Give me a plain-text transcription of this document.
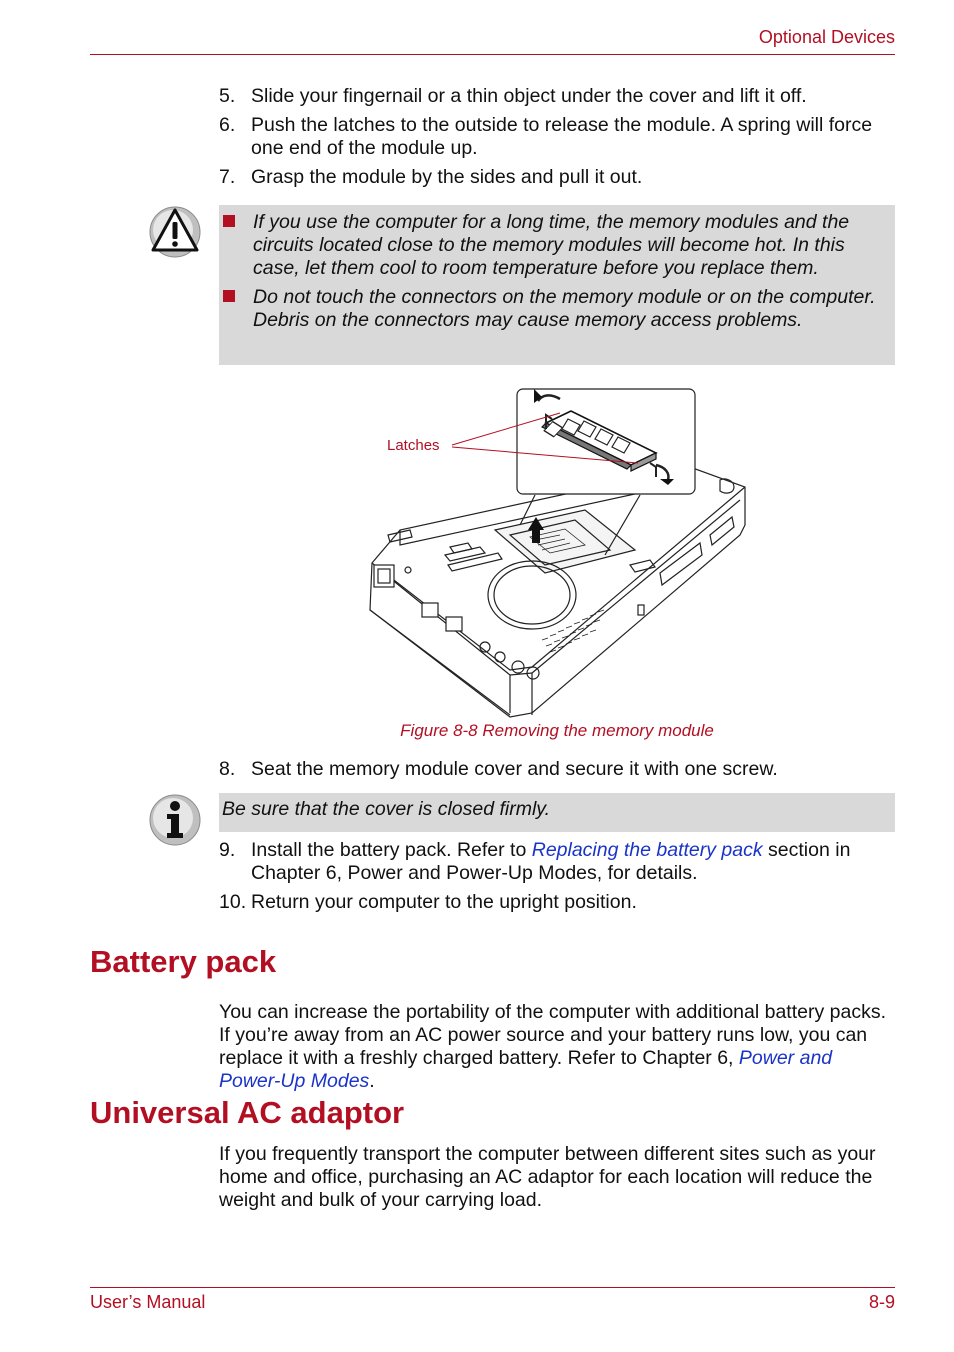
Optional Devices
5. Slide your fingernail or a thin object under the cover and lift it off.
6. Push the latches to the outside to release the module. A spring will force one end of the module up.
7. Grasp the module by the sides and pull it out.
If you use the computer for a long time, the memory modules and the circuits located close to the memory modules will become hot. In this case, let them cool to room temperature before you replace them.
Do not touch the connectors on the memory module or on the computer. Debris on the connectors may cause memory access problems.
Latches
Figure 8-8 Removing the memory module
8. Seat the memory module cover and secure it with one screw.
Be sure that the cover is closed firmly.
9. Install the battery pack. Refer to Replacing the battery pack section in Chapter 6, Power and Power-Up Modes, for details.
10. Return your computer to the upright position.
Battery pack
You can increase the portability of the computer with additional battery packs. If you’re away from an AC power source and your battery runs low, you can replace it with a freshly charged battery. Refer to Chapter 6, Power and Power-Up Modes.
Universal AC adaptor
If you frequently transport the computer between different sites such as your home and office, purchasing an AC adaptor for each location will reduce the weight and bulk of your carrying load.
User’s Manual	8-9
